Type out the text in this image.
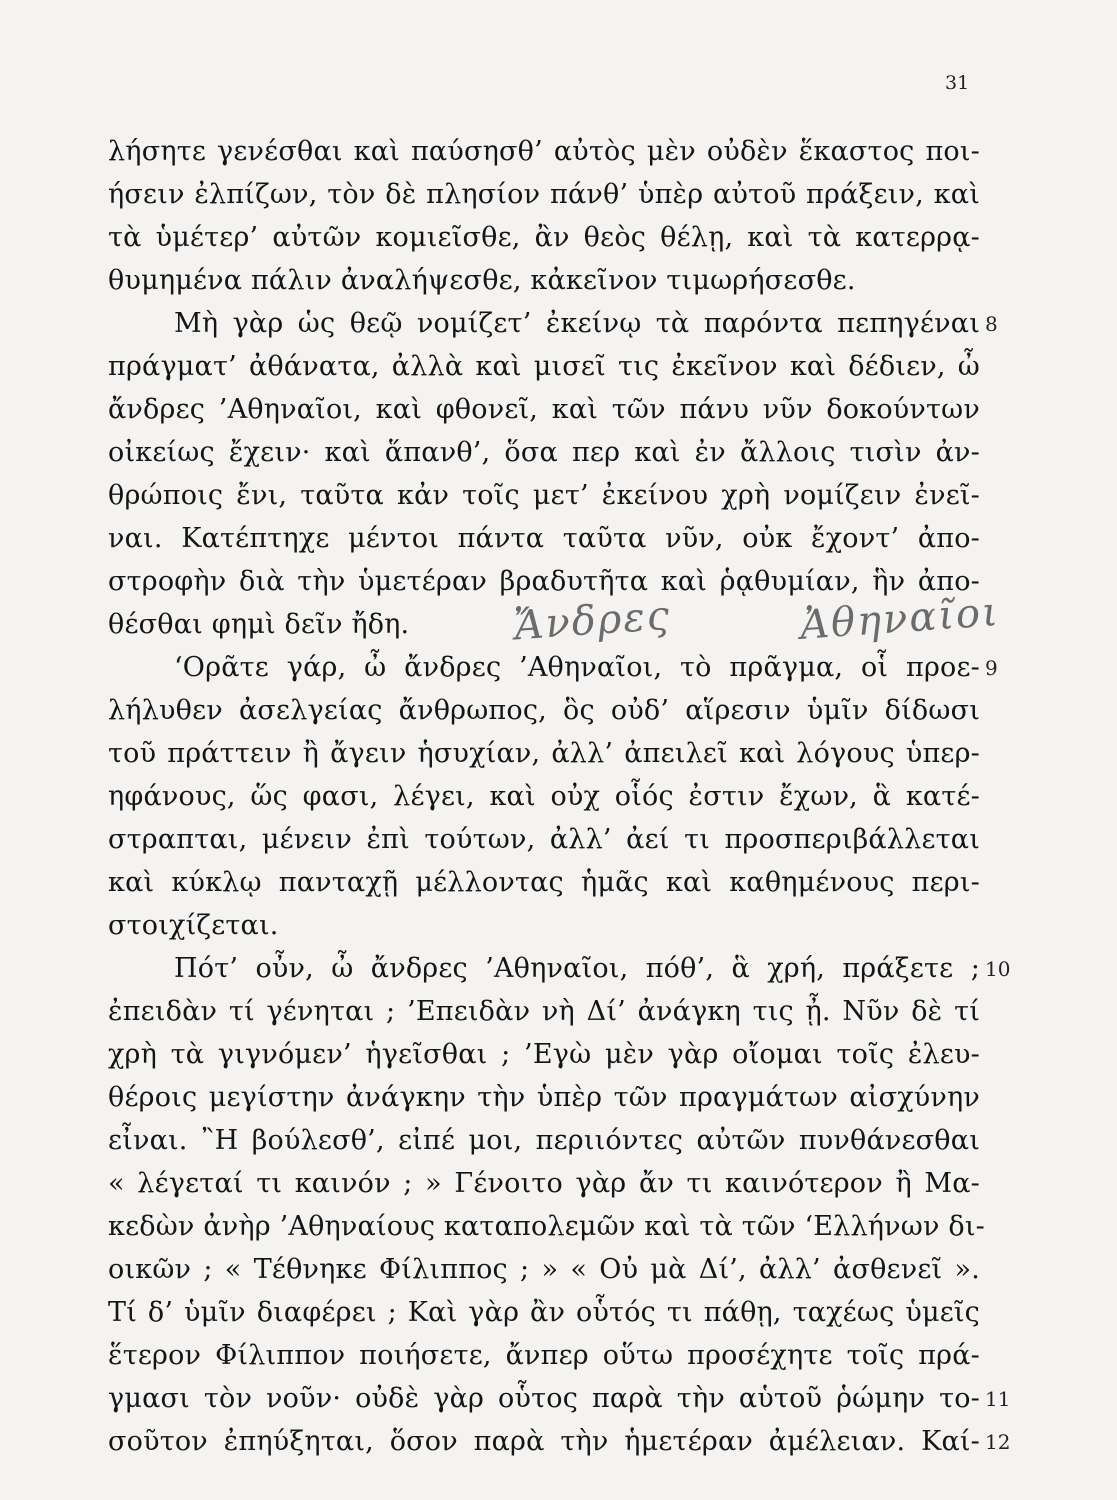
31
λήσητε γενέσθαι καὶ παύσησθ’ αὐτὸς μὲν οὐδὲν ἕκαστος ποι-
ήσειν ἐλπίζων, τὸν δὲ πλησίον πάνθ’ ὑπὲρ αὐτοῦ πράξειν, καὶ
τὰ ὑμέτερ’ αὐτῶν κομιεῖσθε, ἂν θεὸς θέλῃ, καὶ τὰ κατερρᾳ-
θυμημένα πάλιν ἀναλήψεσθε, κἀκεῖνον τιμωρήσεσθε.
Μὴ γὰρ ὡς θεῷ νομίζετ’ ἐκείνῳ τὰ παρόντα πεπηγέναι
πράγματ’ ἀθάνατα, ἀλλὰ καὶ μισεῖ τις ἐκεῖνον καὶ δέδιεν, ὦ
ἄνδρες ’Αθηναῖοι, καὶ φθονεῖ, καὶ τῶν πάνυ νῦν δοκούντων
οἰκείως ἔχειν· καὶ ἅπανθ’, ὅσα περ καὶ ἐν ἄλλοις τισὶν ἀν-
θρώποις ἔνι, ταῦτα κἀν τοῖς μετ’ ἐκείνου χρὴ νομίζειν ἐνεῖ-
ναι. Κατέπτηχε μέντοι πάντα ταῦτα νῦν, οὐκ ἔχοντ’ ἀπο-
στροφὴν διὰ τὴν ὑμετέραν βραδυτῆτα καὶ ῥᾳθυμίαν, ἣν ἀπο-
θέσθαι φημὶ δεῖν ἤδη.
‘Ορᾶτε γάρ, ὦ ἄνδρες ’Αθηναῖοι, τὸ πρᾶγμα, οἷ προε-
λήλυθεν ἀσελγείας ἄνθρωπος, ὃς οὐδ’ αἵρεσιν ὑμῖν δίδωσι
τοῦ πράττειν ἢ ἄγειν ἡσυχίαν, ἀλλ’ ἀπειλεῖ καὶ λόγους ὑπερ-
ηφάνους, ὥς φασι, λέγει, καὶ οὐχ οἷός ἐστιν ἔχων, ἃ κατέ-
στραπται, μένειν ἐπὶ τούτων, ἀλλ’ ἀεί τι προσπεριβάλλεται
καὶ κύκλῳ πανταχῇ μέλλοντας ἡμᾶς καὶ καθημένους περι-
στοιχίζεται.
Πότ’ οὖν, ὦ ἄνδρες ’Αθηναῖοι, πόθ’, ἃ χρή, πράξετε ;
ἐπειδὰν τί γένηται ; ’Επειδὰν νὴ Δί’ ἀνάγκη τις ᾖ. Νῦν δὲ τί
χρὴ τὰ γιγνόμεν’ ἡγεῖσθαι ; ’Εγὼ μὲν γὰρ οἴομαι τοῖς ἐλευ-
θέροις μεγίστην ἀνάγκην τὴν ὑπὲρ τῶν πραγμάτων αἰσχύνην
εἶναι. ῍Η βούλεσθ’, εἰπέ μοι, περιιόντες αὐτῶν πυνθάνεσθαι
« λέγεταί τι καινόν ; » Γένοιτο γὰρ ἄν τι καινότερον ἢ Μα-
κεδὼν ἀνὴρ ’Αθηναίους καταπολεμῶν καὶ τὰ τῶν ‘Ελλήνων δι-
οικῶν ; « Τέθνηκε Φίλιππος ; » « Οὐ μὰ Δί’, ἀλλ’ ἀσθενεῖ ».
Τί δ’ ὑμῖν διαφέρει ; Καὶ γὰρ ἂν οὗτός τι πάθῃ, ταχέως ὑμεῖς
ἕτερον Φίλιππον ποιήσετε, ἄνπερ οὕτω προσέχητε τοῖς πρά-
γμασι τὸν νοῦν· οὐδὲ γὰρ οὗτος παρὰ τὴν αὑτοῦ ῥώμην το-
σοῦτον ἐπηύξηται, ὅσον παρὰ τὴν ἡμετέραν ἀμέλειαν. Καί-
8
9
10
11
12
Ἄνδρες	Ἀθηναῖοι
